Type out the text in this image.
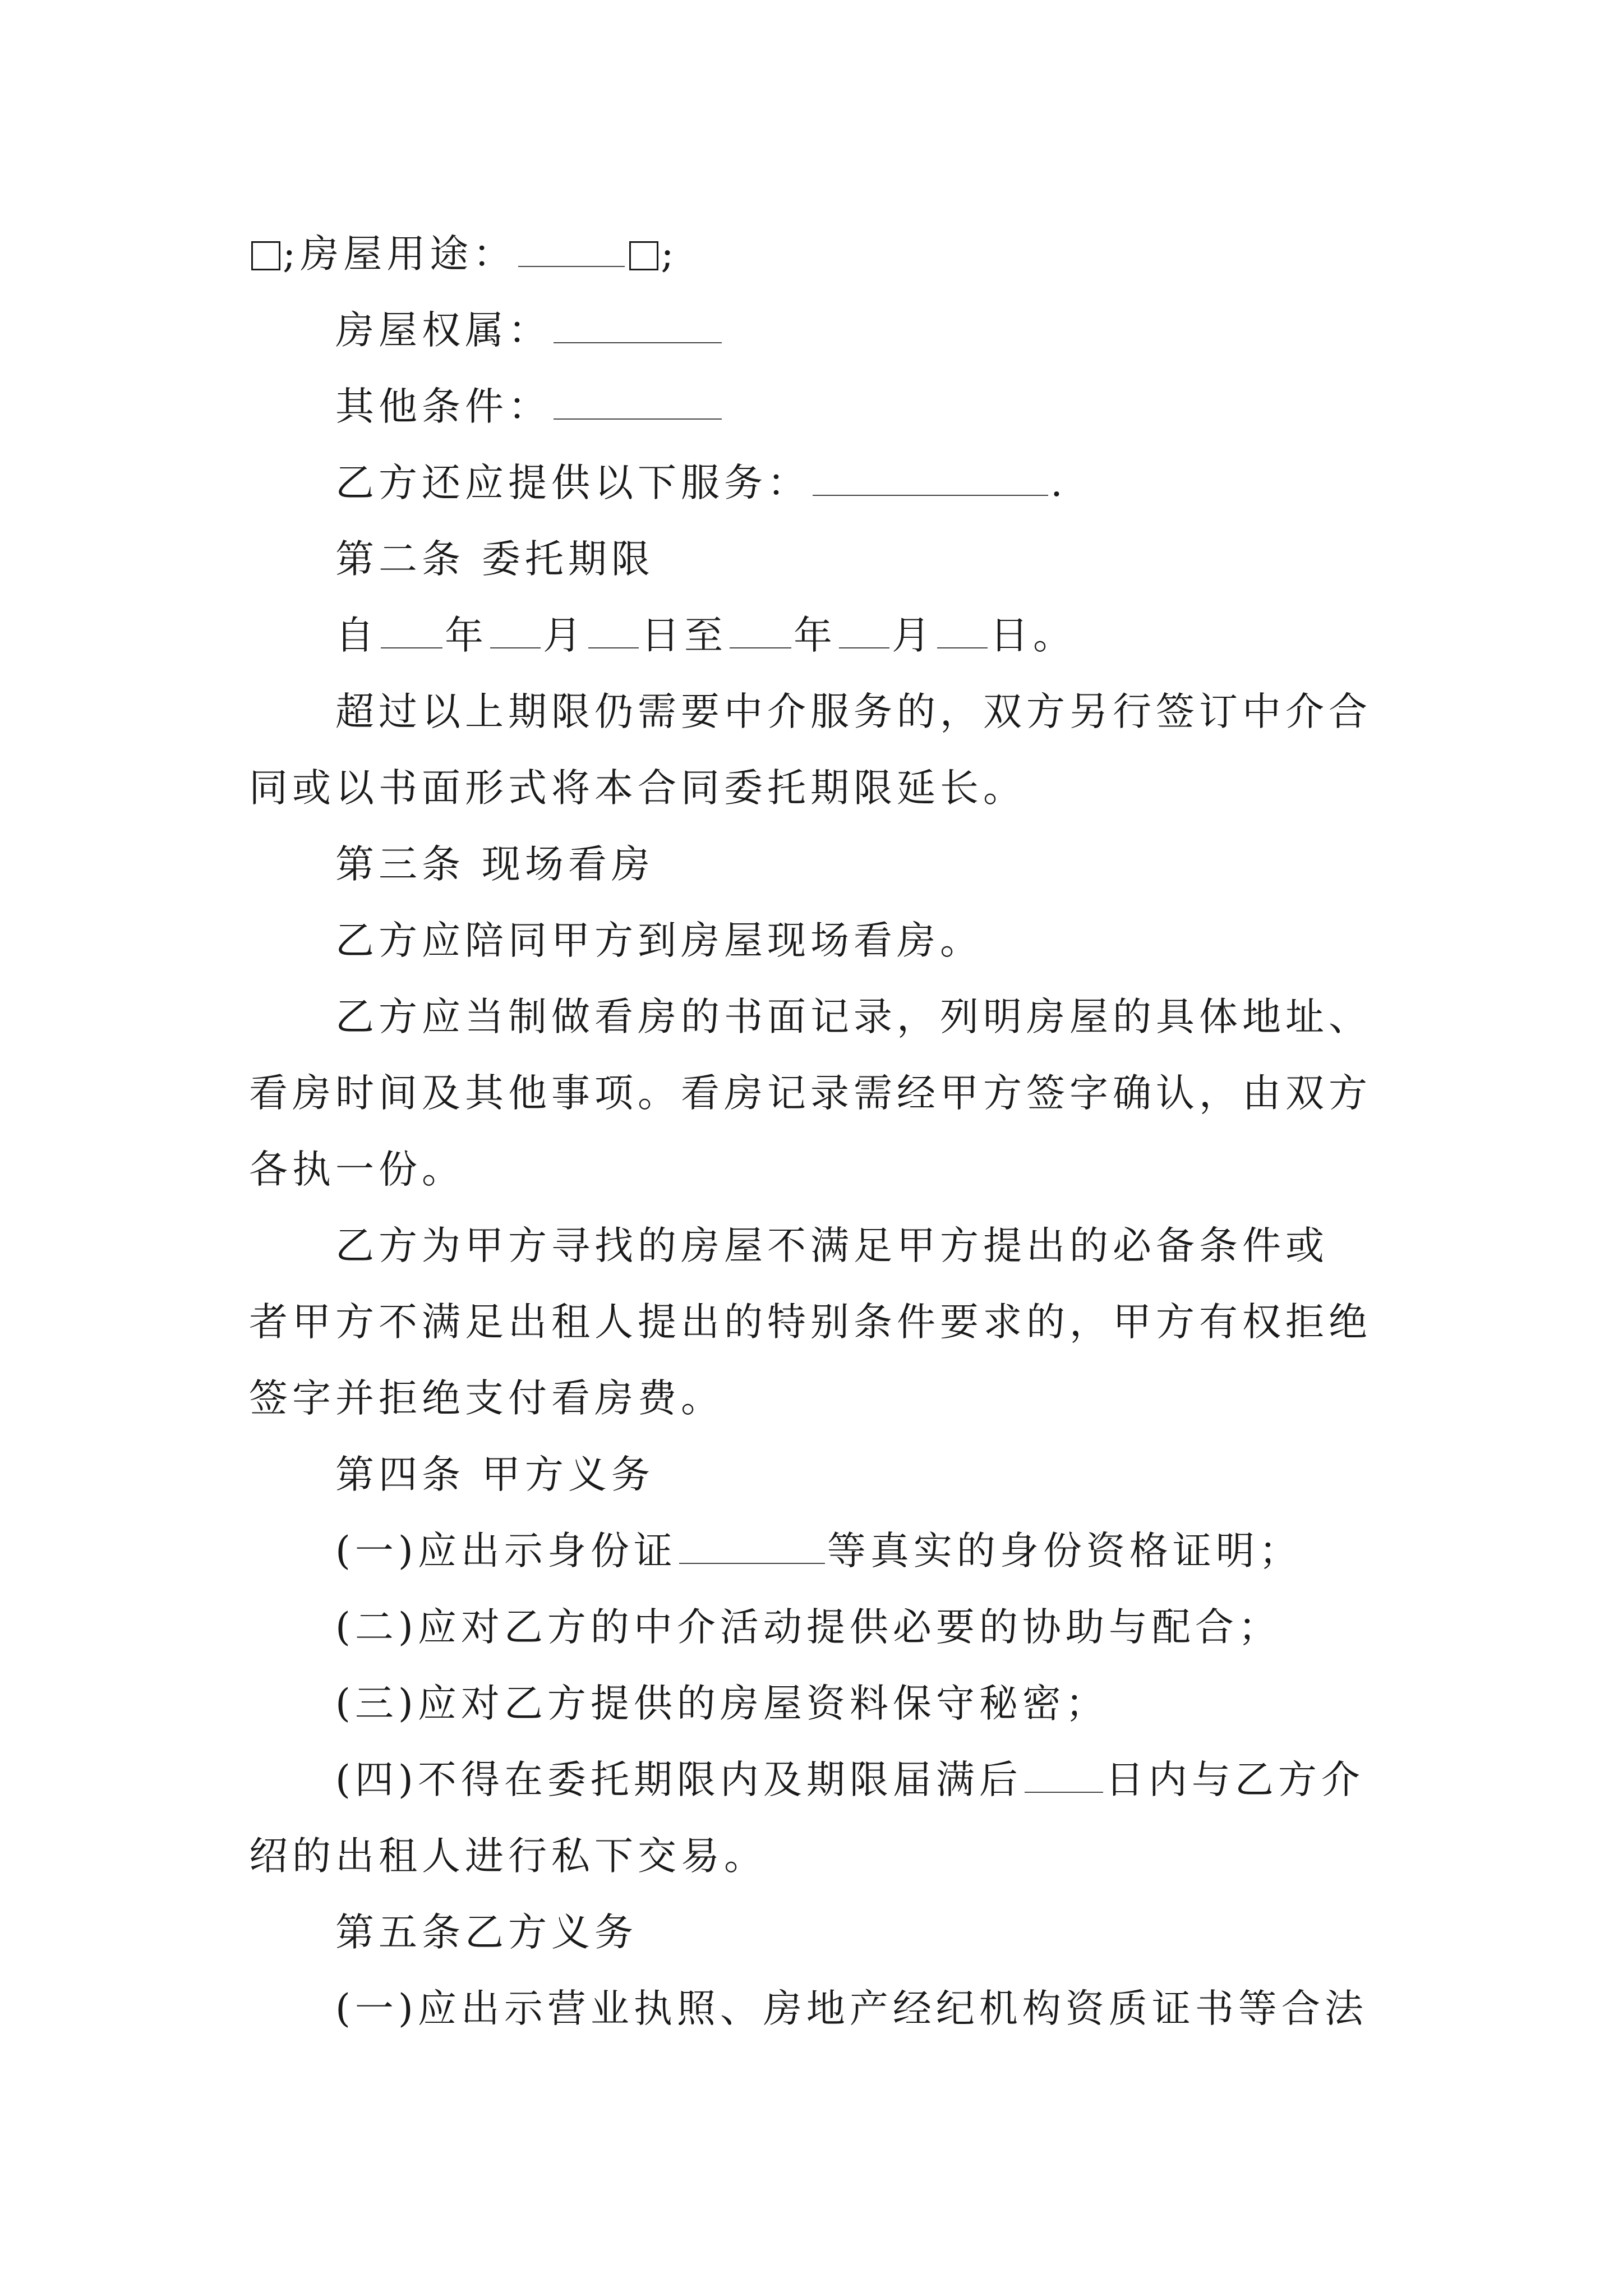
;房屋用途：	;
房屋权属：
其他条件：
乙方还应提供以下服务：	.
第二条 委托期限
自 年 月 日至 年 月 日。
超过以上期限仍需要中介服务的，双方另行签订中介合
同或以书面形式将本合同委托期限延长。
第三条 现场看房
乙方应陪同甲方到房屋现场看房。
乙方应当制做看房的书面记录，列明房屋的具体地址、
看房时间及其他事项。看房记录需经甲方签字确认，由双方
各执一份。
乙方为甲方寻找的房屋不满足甲方提出的必备条件或
者甲方不满足出租人提出的特别条件要求的，甲方有权拒绝
签字并拒绝支付看房费。
第四条 甲方义务
(一)应出示身份证	等真实的身份资格证明；
(二)应对乙方的中介活动提供必要的协助与配合；
(三)应对乙方提供的房屋资料保守秘密；
(四)不得在委托期限内及期限届满后 日内与乙方介
绍的出租人进行私下交易。
第五条乙方义务
(一)应出示营业执照、房地产经纪机构资质证书等合法
